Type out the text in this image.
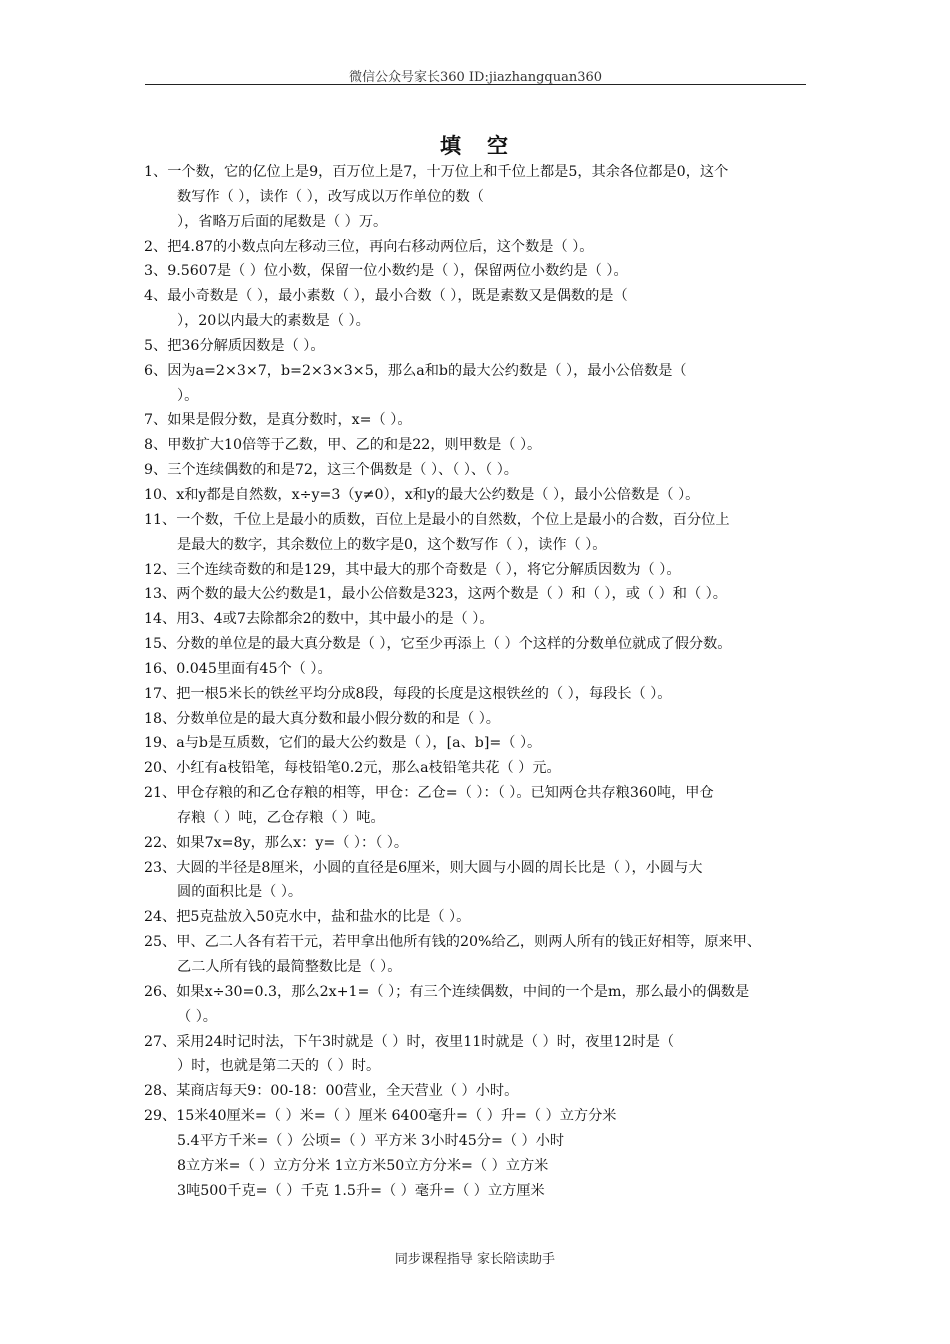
微信公众号家长360 ID:jiazhangquan360
填 空
1、一个数，它的亿位上是9，百万位上是7，十万位上和千位上都是5，其余各位都是0，这个
数写作（ ），读作（ ），改写成以万作单位的数（
），省略万后面的尾数是（ ）万。
2、把4.87的小数点向左移动三位，再向右移动两位后，这个数是（ ）。
3、9.5607是（ ）位小数，保留一位小数约是（ ），保留两位小数约是（ ）。
4、最小奇数是（ ），最小素数（ ），最小合数（ ），既是素数又是偶数的是（
），20以内最大的素数是（ ）。
5、把36分解质因数是（ ）。
6、因为a=2×3×7，b=2×3×3×5，那么a和b的最大公约数是（ ），最小公倍数是（
）。
7、如果是假分数，是真分数时，x=（ ）。
8、甲数扩大10倍等于乙数，甲、乙的和是22，则甲数是（ ）。
9、三个连续偶数的和是72，这三个偶数是（ ）、（ ）、（ ）。
10、x和y都是自然数，x÷y=3（y≠0），x和y的最大公约数是（ ），最小公倍数是（ ）。
11、一个数，千位上是最小的质数，百位上是最小的自然数，个位上是最小的合数，百分位上
是最大的数字，其余数位上的数字是0，这个数写作（ ），读作（ ）。
12、三个连续奇数的和是129，其中最大的那个奇数是（ ），将它分解质因数为（ ）。
13、两个数的最大公约数是1，最小公倍数是323，这两个数是（ ）和（ ），或（ ）和（ ）。
14、用3、4或7去除都余2的数中，其中最小的是（ ）。
15、分数的单位是的最大真分数是（ ），它至少再添上（ ）个这样的分数单位就成了假分数。
16、0.045里面有45个（ ）。
17、把一根5米长的铁丝平均分成8段，每段的长度是这根铁丝的（ ），每段长（ ）。
18、分数单位是的最大真分数和最小假分数的和是（ ）。
19、a与b是互质数，它们的最大公约数是（ ），[a、b]=（ ）。
20、小红有a枝铅笔，每枝铅笔0.2元，那么a枝铅笔共花（ ）元。
21、甲仓存粮的和乙仓存粮的相等，甲仓：乙仓=（ ）：（ ）。已知两仓共存粮360吨，甲仓
存粮（ ）吨，乙仓存粮（ ）吨。
22、如果7x=8y，那么x：y=（ ）：（ ）。
23、大圆的半径是8厘米，小圆的直径是6厘米，则大圆与小圆的周长比是（ ），小圆与大
圆的面积比是（ ）。
24、把5克盐放入50克水中，盐和盐水的比是（ ）。
25、甲、乙二人各有若干元，若甲拿出他所有钱的20%给乙，则两人所有的钱正好相等，原来甲、
乙二人所有钱的最简整数比是（ ）。
26、如果x÷30=0.3，那么2x+1=（ ）；有三个连续偶数，中间的一个是m，那么最小的偶数是
（ ）。
27、采用24时记时法，下午3时就是（ ）时，夜里11时就是（ ）时，夜里12时是（
）时，也就是第二天的（ ）时。
28、某商店每天9：00-18：00营业，全天营业（ ）小时。
29、15米40厘米=（ ）米=（ ）厘米 6400毫升=（ ）升=（ ）立方分米
5.4平方千米=（ ）公顷=（ ）平方米 3小时45分=（ ）小时
8立方米=（ ）立方分米 1立方米50立方分米=（ ）立方米
3吨500千克=（ ）千克 1.5升=（ ）毫升=（ ）立方厘米
同步课程指导 家长陪读助手
